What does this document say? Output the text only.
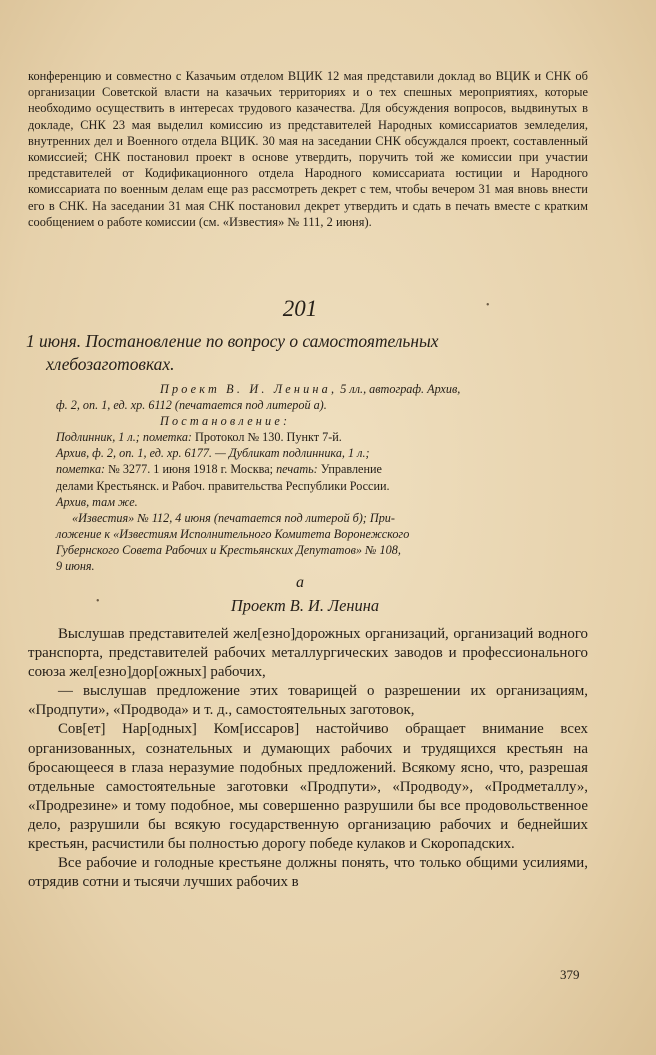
конференцию и совместно с Казачьим отделом ВЦИК 12 мая представили доклад во ВЦИК и СНК об организации Советской власти на казачьих территориях и о тех спешных мероприятиях, которые необходимо осуществить в интересах трудового казачества. Для обсуждения вопросов, выдвинутых в докладе, СНК 23 мая выделил комиссию из представителей Народных комиссариатов земледелия, внутренних дел и Военного отдела ВЦИК. 30 мая на заседании СНК обсуждался проект, составленный комиссией; СНК постановил проект в основе утвердить, поручить той же комиссии при участии представителей от Кодификационного отдела Народного комиссариата юстиции и Народного комиссариата по военным делам еще раз рассмотреть декрет с тем, чтобы вечером 31 мая вновь внести его в СНК. На заседании 31 мая СНК постановил декрет утвердить и сдать в печать вместе с кратким сообщением о работе комиссии (см. «Известия» № 111, 2 июня).
201
1 июня. Постановление по вопросу о самостоятельных
хлебозаготовках.
Проект В. И. Ленина, 5 лл., автограф. Архив,
ф. 2, оп. 1, ед. хр. 6112 (печатается под литерой а).
Постановление:
Подлинник, 1 л.; пометка: Протокол № 130. Пункт 7-й.
Архив, ф. 2, оп. 1, ед. хр. 6177. — Дубликат подлинника, 1 л.;
пометка: № 3277. 1 июня 1918 г. Москва; печать: Управление
делами Крестьянск. и Рабоч. правительства Республики России.
Архив, там же.
«Известия» № 112, 4 июня (печатается под литерой б); При-
ложение к «Известиям Исполнительного Комитета Воронежского
Губернского Совета Рабочих и Крестьянских Депутатов» № 108,
9 июня.
а
Проект В. И. Ленина

Выслушав представителей жел[езно]дорожных организаций, организаций водного транспорта, представителей рабочих металлургических заводов и профессионального союза жел[езно]дор[ожных] рабочих,

— выслушав предложение этих товарищей о разрешении их организациям, «Продпути», «Продвода» и т. д., самостоятельных заготовок,

Сов[ет] Нар[одных] Ком[иссаров] настойчиво обращает внимание всех организованных, сознательных и думающих рабочих и трудящихся крестьян на бросающееся в глаза неразумие подобных предложений. Всякому ясно, что, разрешая отдельные самостоятельные заготовки «Продпути», «Продводу», «Продметаллу», «Продрезине» и тому подобное, мы совершенно разрушили бы все продовольственное дело, разрушили бы всякую государственную организацию рабочих и беднейших крестьян, расчистили бы полностью дорогу победе кулаков и Скоропадских.

Все рабочие и голодные крестьяне должны понять, что только общими усилиями, отрядив сотни и тысячи лучших рабочих в

379
•
•
